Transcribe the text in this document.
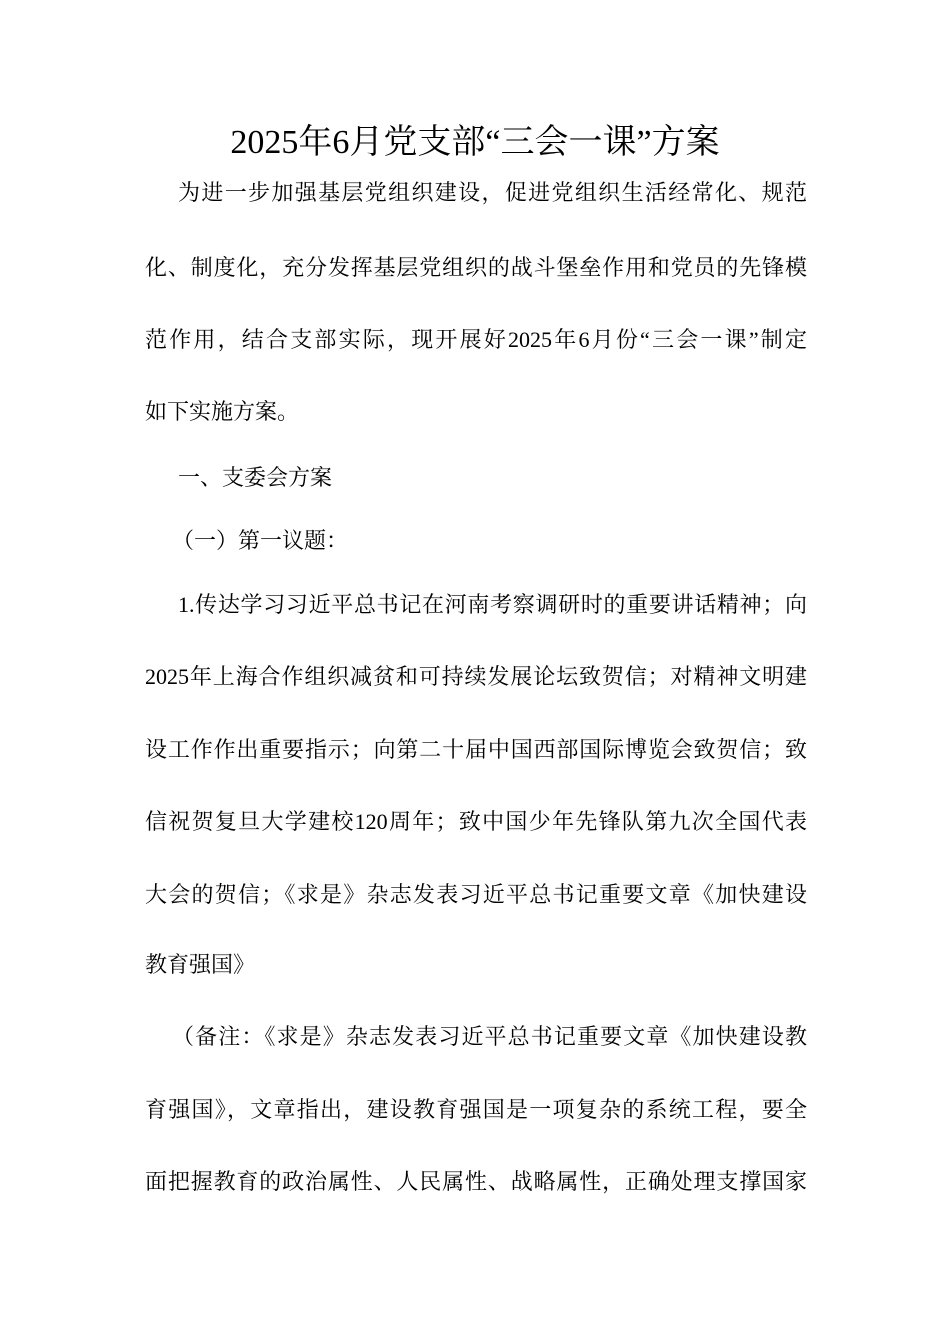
2025年6月党支部“三会一课”方案
为进一步加强基层党组织建设，促进党组织生活经常化、规范
化、制度化，充分发挥基层党组织的战斗堡垒作用和党员的先锋模
范作用，结合支部实际，现开展好2025年6月份“三会一课”制定
如下实施方案。
一、支委会方案
（一）第一议题：
1.传达学习习近平总书记在河南考察调研时的重要讲话精神；向
2025年上海合作组织减贫和可持续发展论坛致贺信；对精神文明建
设工作作出重要指示；向第二十届中国西部国际博览会致贺信；致
信祝贺复旦大学建校120周年；致中国少年先锋队第九次全国代表
大会的贺信；《求是》杂志发表习近平总书记重要文章《加快建设
教育强国》
（备注：《求是》杂志发表习近平总书记重要文章《加快建设教
育强国》，文章指出，建设教育强国是一项复杂的系统工程，要全
面把握教育的政治属性、人民属性、战略属性，正确处理支撑国家
